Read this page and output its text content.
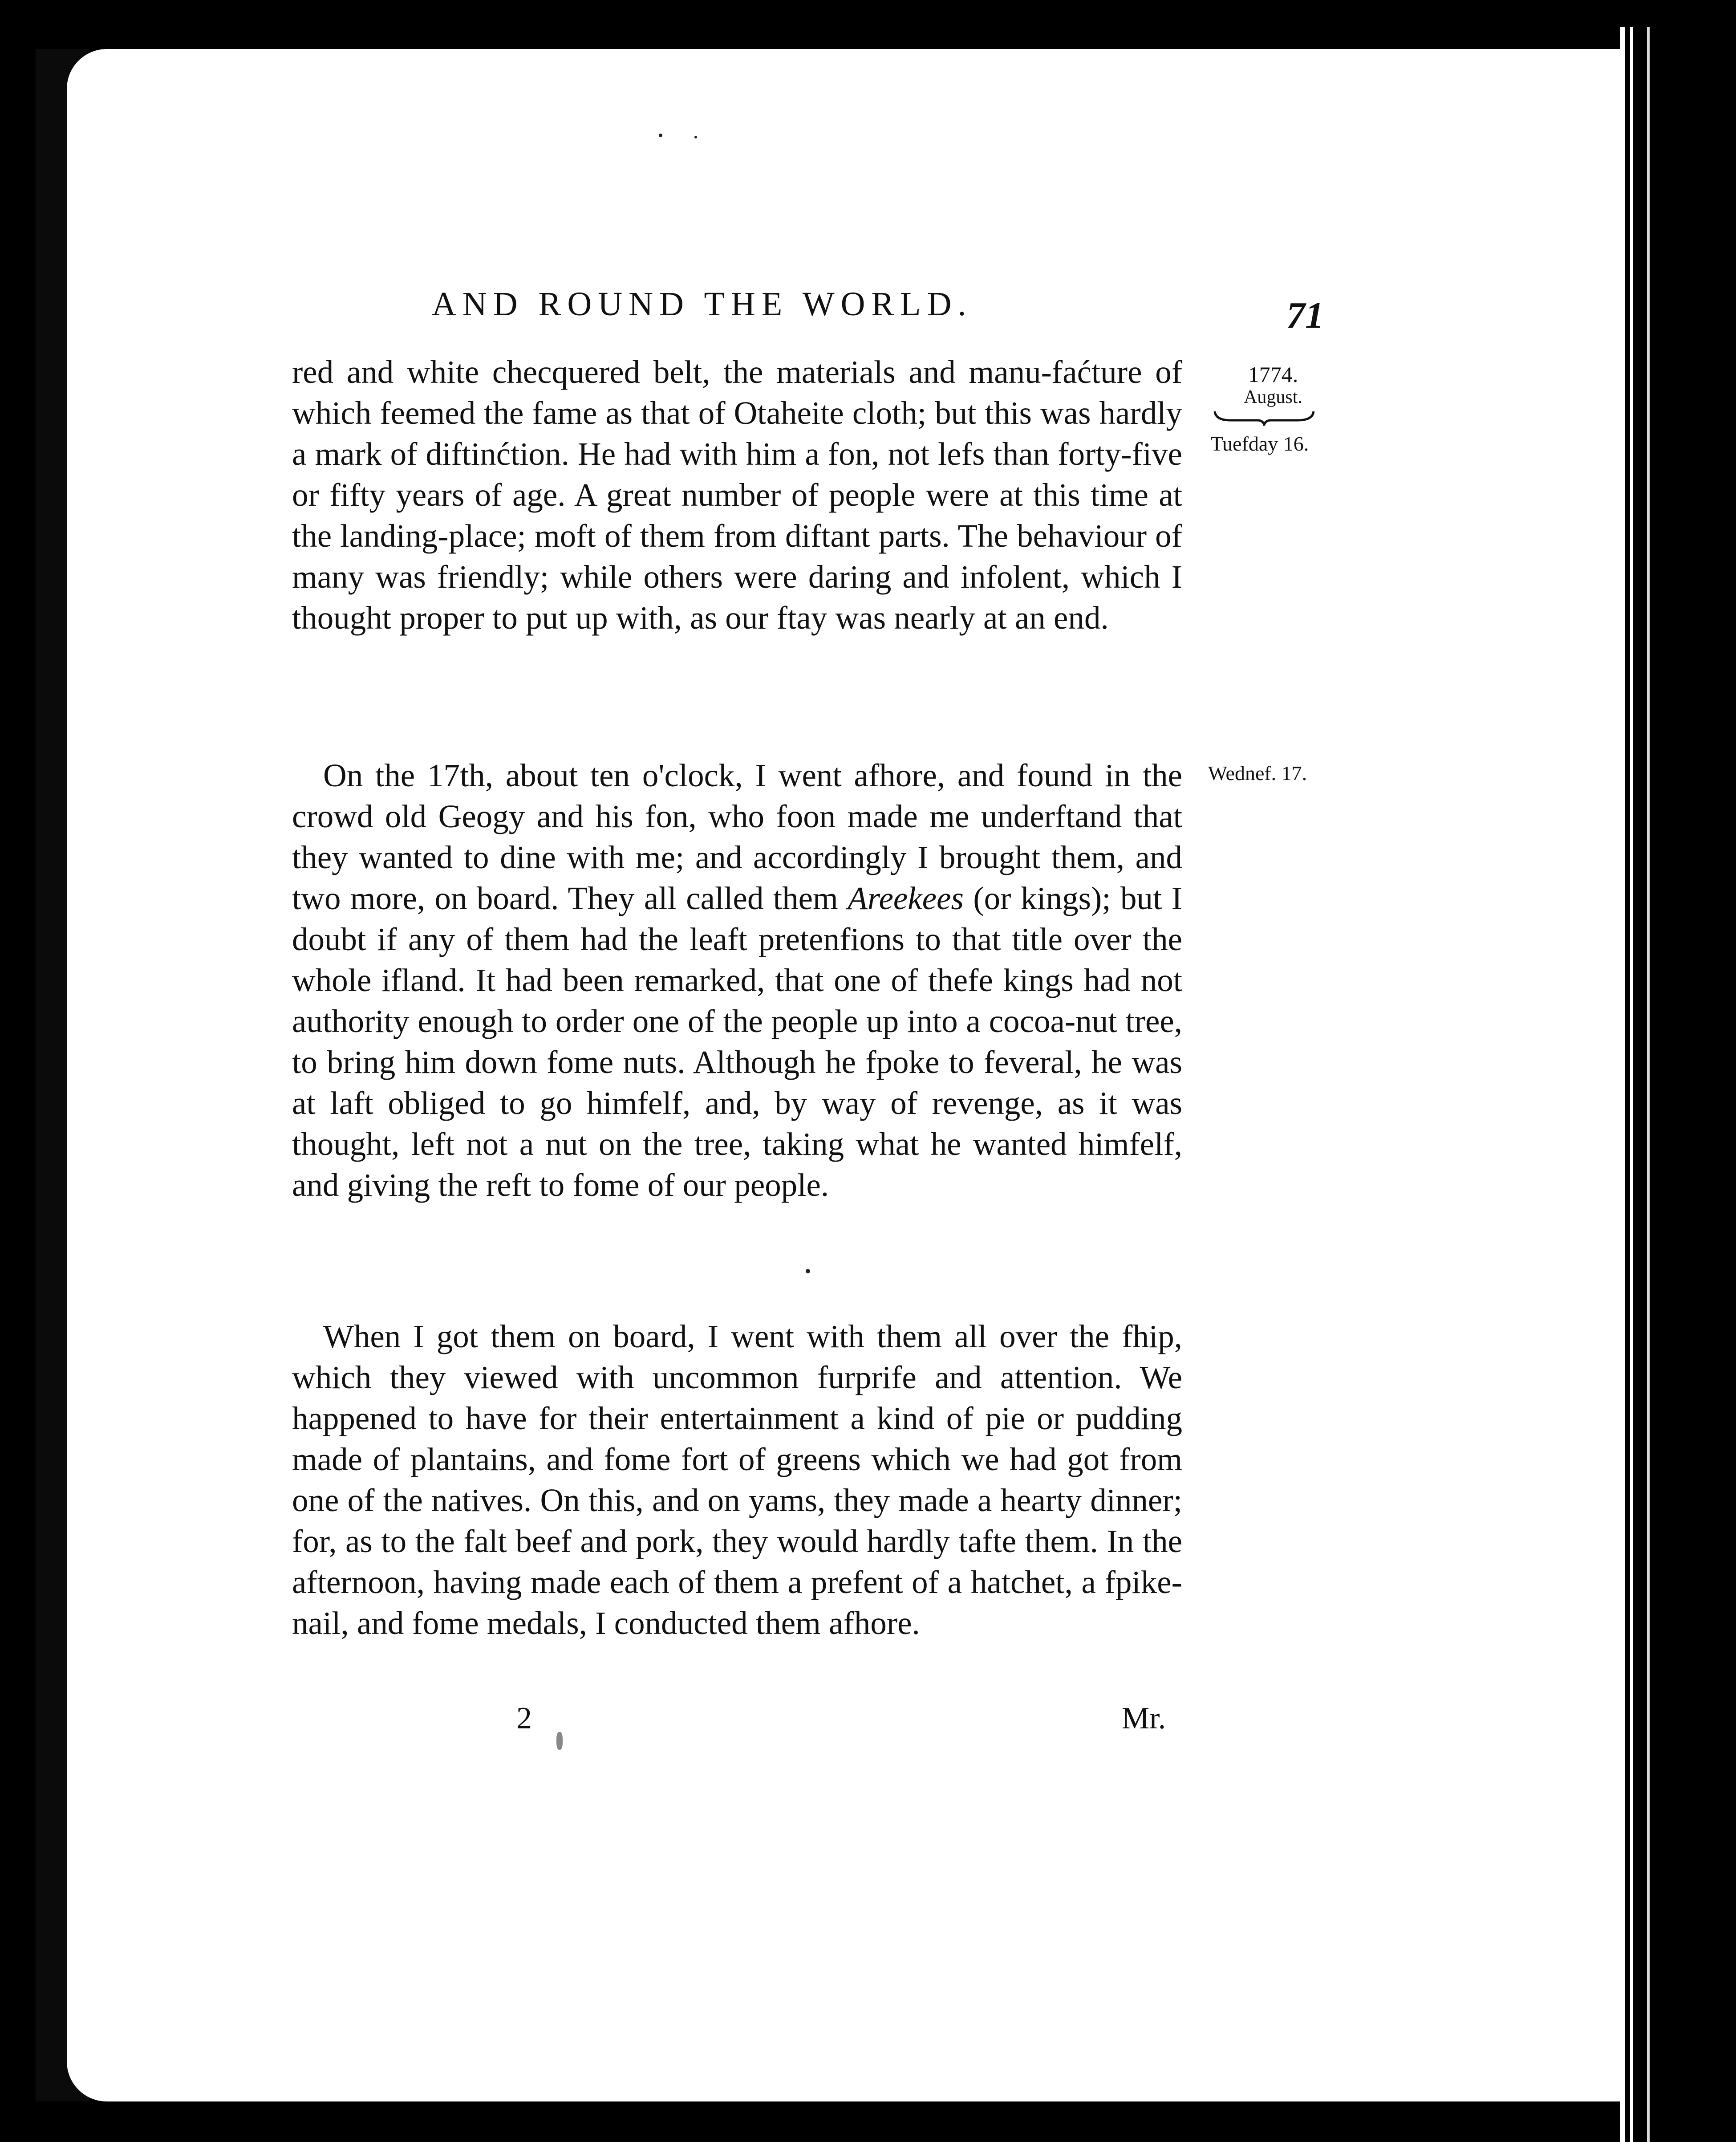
AND ROUND THE WORLD.	71
1774.
August.
Tuefday 16.
Wednef. 17.
red and white checquered belt, the materials and manu-faćture of which feemed the fame as that of Otaheite cloth; but this was hardly a mark of diftinćtion. He had with him a fon, not lefs than forty-five or fifty years of age. A great number of people were at this time at the landing-place; moft of them from diftant parts. The behaviour of many was friendly; while others were daring and infolent, which I thought proper to put up with, as our ftay was nearly at an end.
On the 17th, about ten o'clock, I went afhore, and found in the crowd old Geogy and his fon, who foon made me underftand that they wanted to dine with me; and accordingly I brought them, and two more, on board. They all called them Areekees (or kings); but I doubt if any of them had the leaft pretenfions to that title over the whole ifland. It had been remarked, that one of thefe kings had not authority enough to order one of the people up into a cocoa-nut tree, to bring him down fome nuts. Although he fpoke to feveral, he was at laft obliged to go himfelf, and, by way of revenge, as it was thought, left not a nut on the tree, taking what he wanted himfelf, and giving the reft to fome of our people.
When I got them on board, I went with them all over the fhip, which they viewed with uncommon furprife and attention. We happened to have for their entertainment a kind of pie or pudding made of plantains, and fome fort of greens which we had got from one of the natives. On this, and on yams, they made a hearty dinner; for, as to the falt beef and pork, they would hardly tafte them. In the afternoon, having made each of them a prefent of a hatchet, a fpike-nail, and fome medals, I conducted them afhore.
2	Mr.
